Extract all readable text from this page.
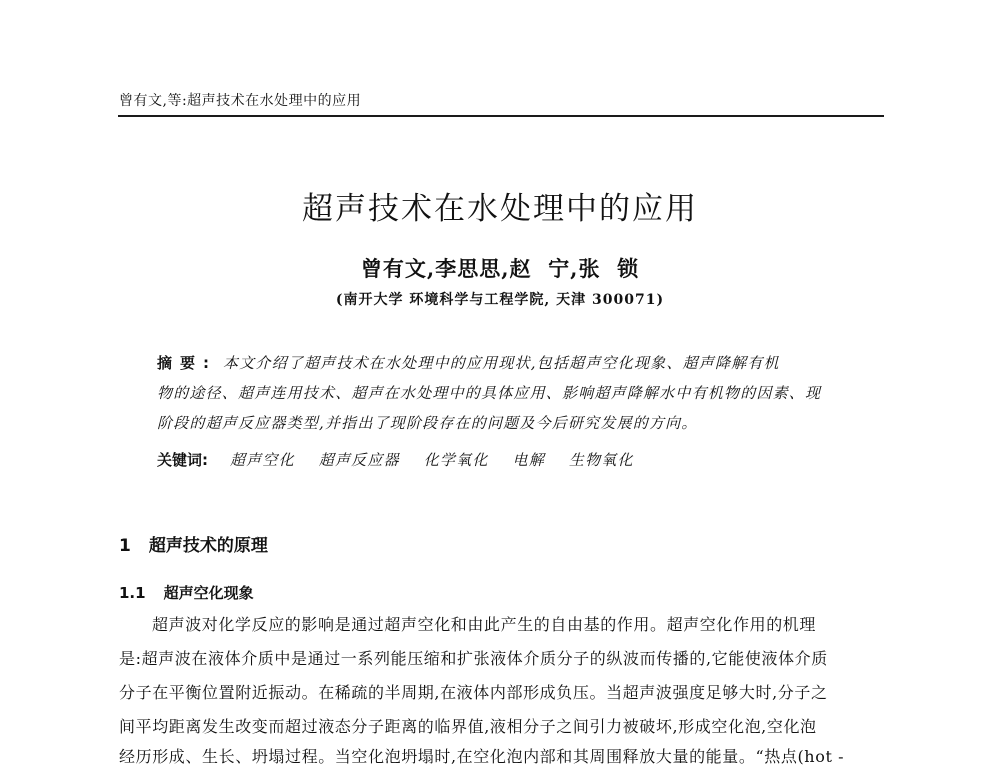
曾有文,等:超声技术在水处理中的应用
超声技术在水处理中的应用
曾有文,李思思,赵  宁,张  锁
(南开大学 环境科学与工程学院, 天津 300071)
摘要: 本文介绍了超声技术在水处理中的应用现状,包括超声空化现象、超声降解有机
物的途径、超声连用技术、超声在水处理中的具体应用、影响超声降解水中有机物的因素、现
阶段的超声反应器类型,并指出了现阶段存在的问题及今后研究发展的方向。
关键词: 超声空化 超声反应器 化学氧化 电解 生物氧化
1 超声技术的原理
1.1 超声空化现象
超声波对化学反应的影响是通过超声空化和由此产生的自由基的作用。超声空化作用的机理
是:超声波在液体介质中是通过一系列能压缩和扩张液体介质分子的纵波而传播的,它能使液体介质
分子在平衡位置附近振动。在稀疏的半周期,在液体内部形成负压。当超声波强度足够大时,分子之
间平均距离发生改变而超过液态分子距离的临界值,液相分子之间引力被破坏,形成空化泡,空化泡
经历形成、生长、坍塌过程。当空化泡坍塌时,在空化泡内部和其周围释放大量的能量。“热点(hot -
